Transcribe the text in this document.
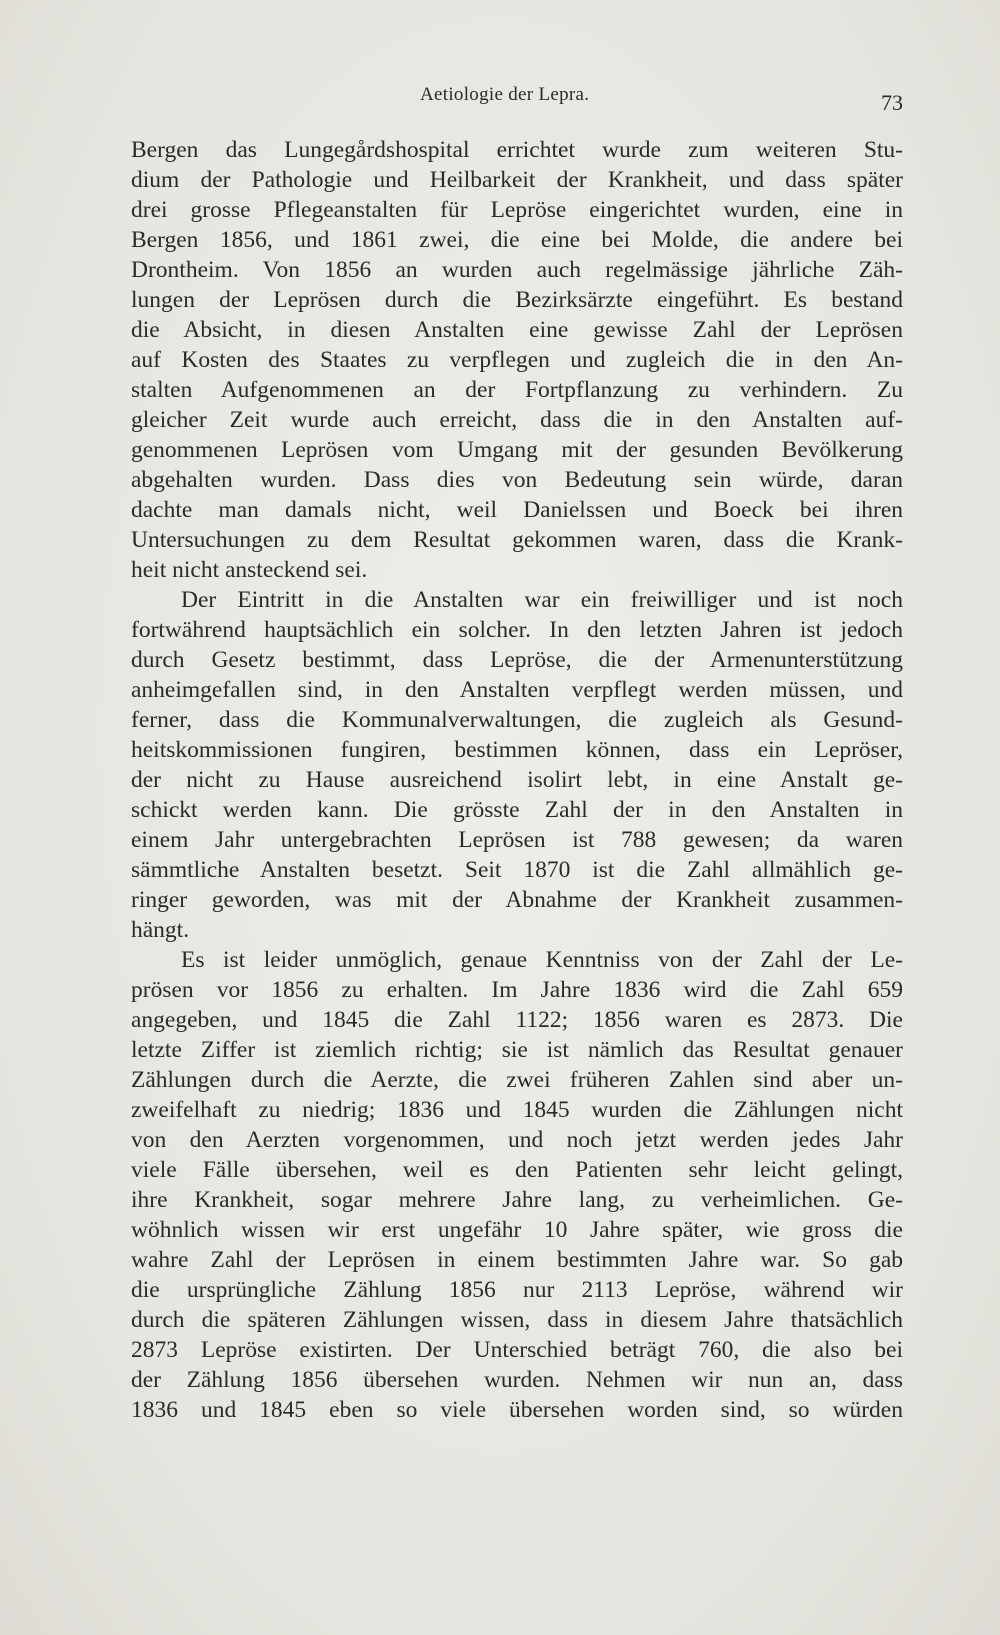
Aetiologie der Lepra.	73
Bergen das Lungegårdshospital errichtet wurde zum weiteren Stu-
dium der Pathologie und Heilbarkeit der Krankheit, und dass später
drei grosse Pflegeanstalten für Lepröse eingerichtet wurden, eine in
Bergen 1856, und 1861 zwei, die eine bei Molde, die andere bei
Drontheim. Von 1856 an wurden auch regelmässige jährliche Zäh-
lungen der Leprösen durch die Bezirksärzte eingeführt. Es bestand
die Absicht, in diesen Anstalten eine gewisse Zahl der Leprösen
auf Kosten des Staates zu verpflegen und zugleich die in den An-
stalten Aufgenommenen an der Fortpflanzung zu verhindern. Zu
gleicher Zeit wurde auch erreicht, dass die in den Anstalten auf-
genommenen Leprösen vom Umgang mit der gesunden Bevölkerung
abgehalten wurden. Dass dies von Bedeutung sein würde, daran
dachte man damals nicht, weil Danielssen und Boeck bei ihren
Untersuchungen zu dem Resultat gekommen waren, dass die Krank-
heit nicht ansteckend sei.
Der Eintritt in die Anstalten war ein freiwilliger und ist noch
fortwährend hauptsächlich ein solcher. In den letzten Jahren ist jedoch
durch Gesetz bestimmt, dass Lepröse, die der Armenunterstützung
anheimgefallen sind, in den Anstalten verpflegt werden müssen, und
ferner, dass die Kommunalverwaltungen, die zugleich als Gesund-
heitskommissionen fungiren, bestimmen können, dass ein Lepröser,
der nicht zu Hause ausreichend isolirt lebt, in eine Anstalt ge-
schickt werden kann. Die grösste Zahl der in den Anstalten in
einem Jahr untergebrachten Leprösen ist 788 gewesen; da waren
sämmtliche Anstalten besetzt. Seit 1870 ist die Zahl allmählich ge-
ringer geworden, was mit der Abnahme der Krankheit zusammen-
hängt.
Es ist leider unmöglich, genaue Kenntniss von der Zahl der Le-
prösen vor 1856 zu erhalten. Im Jahre 1836 wird die Zahl 659
angegeben, und 1845 die Zahl 1122; 1856 waren es 2873. Die
letzte Ziffer ist ziemlich richtig; sie ist nämlich das Resultat genauer
Zählungen durch die Aerzte, die zwei früheren Zahlen sind aber un-
zweifelhaft zu niedrig; 1836 und 1845 wurden die Zählungen nicht
von den Aerzten vorgenommen, und noch jetzt werden jedes Jahr
viele Fälle übersehen, weil es den Patienten sehr leicht gelingt,
ihre Krankheit, sogar mehrere Jahre lang, zu verheimlichen. Ge-
wöhnlich wissen wir erst ungefähr 10 Jahre später, wie gross die
wahre Zahl der Leprösen in einem bestimmten Jahre war. So gab
die ursprüngliche Zählung 1856 nur 2113 Lepröse, während wir
durch die späteren Zählungen wissen, dass in diesem Jahre thatsächlich
2873 Lepröse existirten. Der Unterschied beträgt 760, die also bei
der Zählung 1856 übersehen wurden. Nehmen wir nun an, dass
1836 und 1845 eben so viele übersehen worden sind, so würden
